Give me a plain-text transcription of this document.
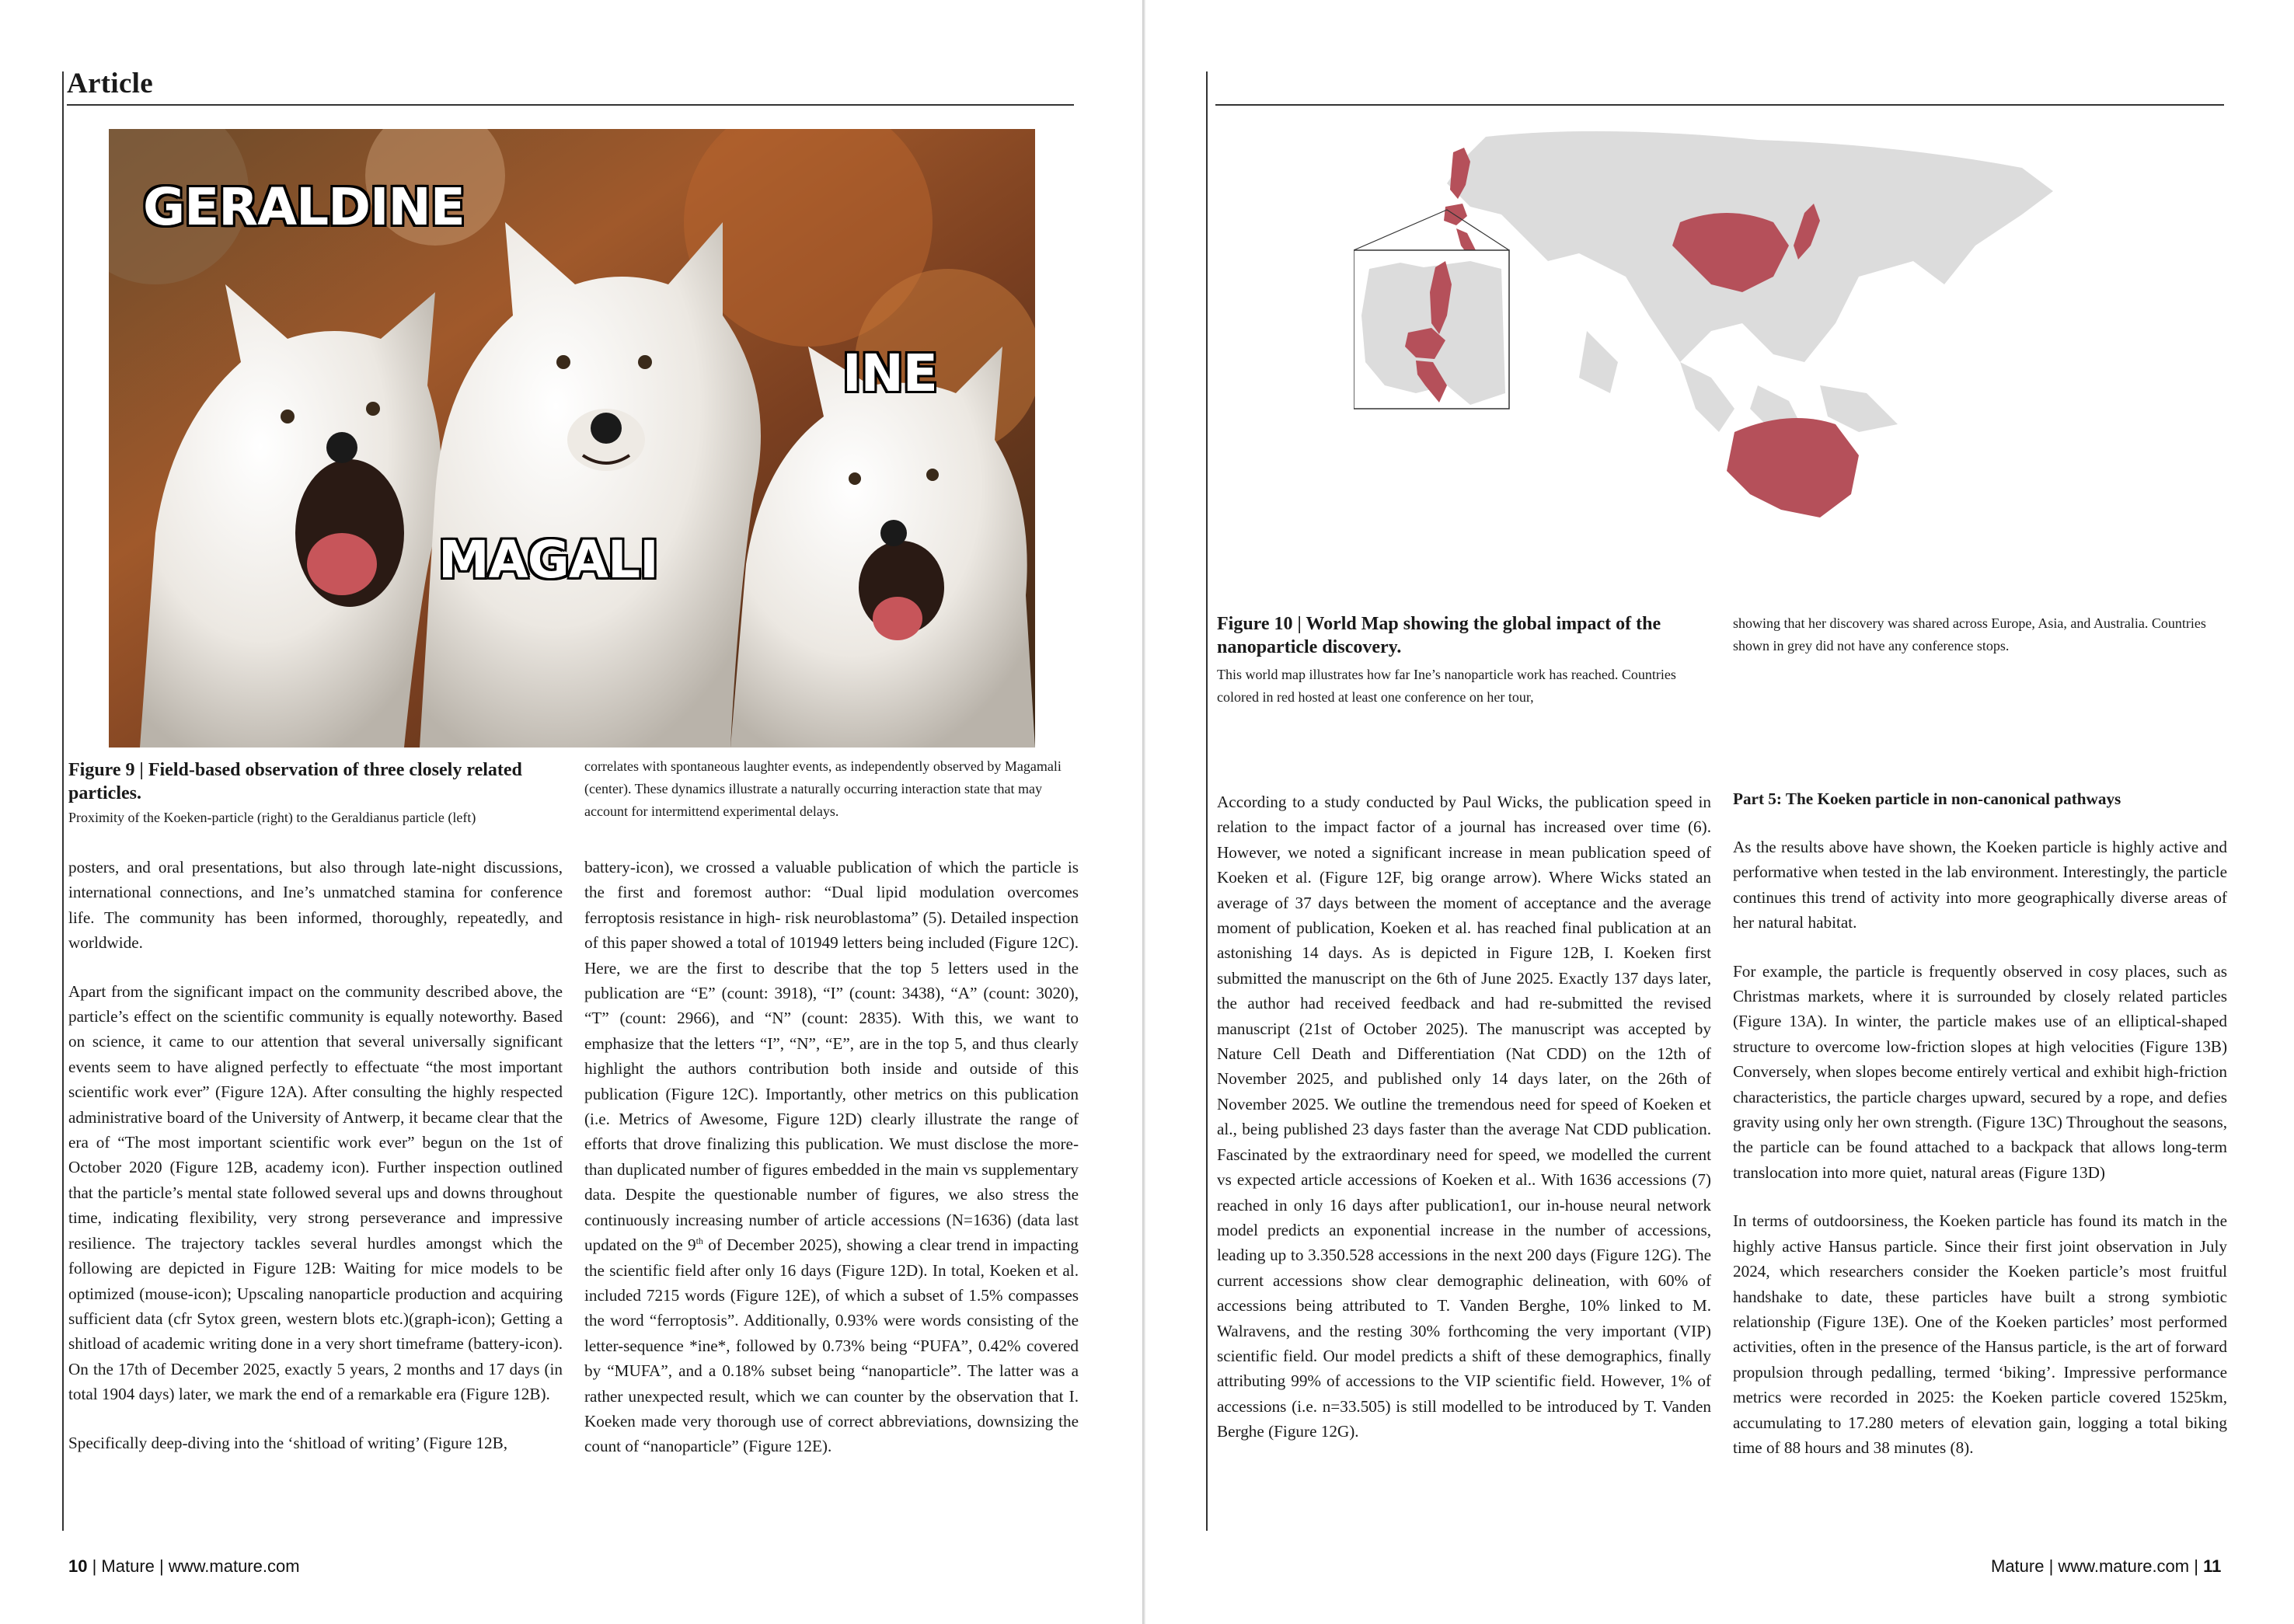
Article
GERALDINE
INE
MAGALI
Figure 9 | Field-based observation of three closely related particles.
Proximity of the Koeken-particle (right) to the Geraldianus particle (left)
correlates with spontaneous laughter events, as independently observed by Magamali (center). These dynamics illustrate a naturally occurring interaction state that may account for intermittend experimental delays.

posters, and oral presentations, but also through late-night discussions, international connections, and Ine’s unmatched stamina for conference life. The community has been informed, thoroughly, repeatedly, and worldwide.

Apart from the significant impact on the community described above, the particle’s effect on the scientific community is equally noteworthy. Based on science, it came to our attention that several universally significant events seem to have aligned perfectly to effectuate “the most important scientific work ever” (Figure 12A). After consulting the highly respected administrative board of the University of Antwerp, it became clear that the era of “The most important scientific work ever” begun on the 1st of October 2020 (Figure 12B, academy icon). Further inspection outlined that the particle’s mental state followed several ups and downs throughout time, indicating flexibility, very strong perseverance and impressive resilience. The trajectory tackles several hurdles amongst which the following are depicted in Figure 12B: Waiting for mice models to be optimized (mouse-icon); Upscaling nanoparticle production and acquiring sufficient data (cfr Sytox green, western blots etc.)(graph-icon); Getting a shitload of academic writing done in a very short timeframe (battery-icon). On the 17th of December 2025, exactly 5 years, 2 months and 17 days (in total 1904 days) later, we mark the end of a remarkable era (Figure 12B).

Specifically deep-diving into the ‘shitload of writing’ (Figure 12B,

battery-icon), we crossed a valuable publication of which the particle is the first and foremost author: “Dual lipid modulation overcomes ferroptosis resistance in high- risk neuroblastoma” (5). Detailed inspection of this paper showed a total of 101949 letters being included (Figure 12C). Here, we are the first to describe that the top 5 letters used in the publication are “E” (count: 3918), “I” (count: 3438), “A” (count: 3020), “T” (count: 2966), and “N” (count: 2835). With this, we want to emphasize that the letters “I”, “N”, “E”, are in the top 5, and thus clearly highlight the authors contribution both inside and outside of this publication (Figure 12C). Importantly, other metrics on this publication (i.e. Metrics of Awesome, Figure 12D) clearly illustrate the range of efforts that drove finalizing this publication. We must disclose the more-than duplicated number of figures embedded in the main vs supplementary data. Despite the questionable number of figures, we also stress the continuously increasing number of article accessions (N=1636) (data last updated on the 9th of December 2025), showing a clear trend in impacting the scientific field after only 16 days (Figure 12D). In total, Koeken et al. included 7215 words (Figure 12E), of which a subset of 1.5% compasses the word “ferroptosis”. Additionally, 0.93% were words consisting of the letter-sequence *ine*, followed by 0.73% being “PUFA”, 0.42% covered by “MUFA”, and a 0.18% subset being “nanoparticle”. The latter was a rather unexpected result, which we can counter by the observation that I. Koeken made very thorough use of correct abbreviations, downsizing the count of “nanoparticle” (Figure 12E).

10 | Mature | www.mature.com
Figure 10 | World Map showing the global impact of the nanoparticle discovery.
This world map illustrates how far Ine’s nanoparticle work has reached. Countries colored in red hosted at least one conference on her tour,
showing that her discovery was shared across Europe, Asia, and Australia. Countries shown in grey did not have any conference stops.

According to a study conducted by Paul Wicks, the publication speed in relation to the impact factor of a journal has increased over time (6). However, we noted a significant increase in mean publication speed of Koeken et al. (Figure 12F, big orange arrow). Where Wicks stated an average of 37 days between the moment of acceptance and the average moment of publication, Koeken et al. has reached final publication at an astonishing 14 days. As is depicted in Figure 12B, I. Koeken first submitted the manuscript on the 6th of June 2025. Exactly 137 days later, the author had received feedback and had re-submitted the revised manuscript (21st of October 2025). The manuscript was accepted by Nature Cell Death and Differentiation (Nat CDD) on the 12th of November 2025, and published only 14 days later, on the 26th of November 2025. We outline the tremendous need for speed of Koeken et al., being published 23 days faster than the average Nat CDD publication. Fascinated by the extraordinary need for speed, we modelled the current vs expected article accessions of Koeken et al.. With 1636 accessions (7) reached in only 16 days after publication1, our in-house neural network model predicts an exponential increase in the number of accessions, leading up to 3.350.528 accessions in the next 200 days (Figure 12G). The current accessions show clear demographic delineation, with 60% of accessions being attributed to T. Vanden Berghe, 10% linked to M. Walravens, and the resting 30% forthcoming the very important (VIP) scientific field. Our model predicts a shift of these demographics, finally attributing 99% of accessions to the VIP scientific field. However, 1% of accessions (i.e. n=33.505) is still modelled to be introduced by T. Vanden Berghe (Figure 12G).

Part 5: The Koeken particle in non-canonical pathways

As the results above have shown, the Koeken particle is highly active and performative when tested in the lab environment. Interestingly, the particle continues this trend of activity into more geographically diverse areas of her natural habitat.

For example, the particle is frequently observed in cosy places, such as Christmas markets, where it is surrounded by closely related particles (Figure 13A). In winter, the particle makes use of an elliptical-shaped structure to overcome low-friction slopes at high velocities (Figure 13B) Conversely, when slopes become entirely vertical and exhibit high-friction characteristics, the particle charges upward, secured by a rope, and defies gravity using only her own strength. (Figure 13C) Throughout the seasons, the particle can be found attached to a backpack that allows long-term translocation into more quiet, natural areas (Figure 13D)

In terms of outdoorsiness, the Koeken particle has found its match in the highly active Hansus particle. Since their first joint observation in July 2024, which researchers consider the Koeken particle’s most fruitful handshake to date, these particles have built a strong symbiotic relationship (Figure 13E). One of the Koeken particles’ most performed activities, often in the presence of the Hansus particle, is the art of forward propulsion through pedalling, termed ‘biking’. Impressive performance metrics were recorded in 2025: the Koeken particle covered 1525km, accumulating to 17.280 meters of elevation gain, logging a total biking time of 88 hours and 38 minutes (8).

Mature | www.mature.com | 11
